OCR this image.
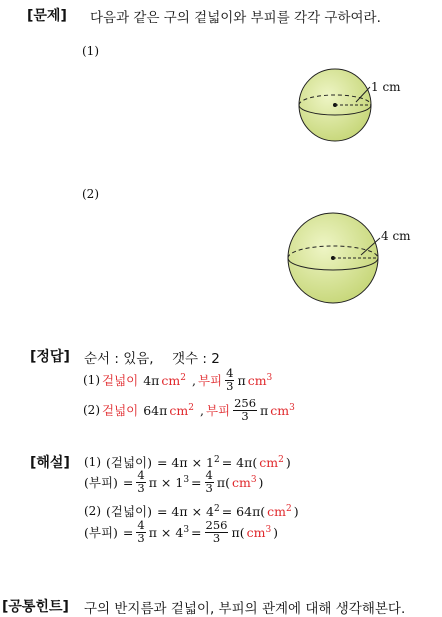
[문제] 다음과 같은 구의 겉넓이와 부피를 각각 구하여라.
(1)
1 cm
(2)
4 cm
[정답] 순서 : 있음, 갯수 : 2
(1) 겉넓이 4π $cm^2$ , 부피 $\frac{4}{3}$ π $cm^3$
(2) 겉넓이 64π $cm^2$ , 부피 $\frac{256}{3}$ π $cm^3$
[해설] (1) (겉넓이) = $4\pi \times 1^2 = 4\pi$( $cm^2$ )
(부피) = $\frac{4}{3}$ $\pi \times 1^3 = \frac{4}{3} \pi$( $cm^3$ )
(2) (겉넓이) = $4\pi \times 4^2 = 64\pi$( $cm^2$ )
(부피) = $\frac{4}{3}$ $\pi \times 4^3 = \frac{256}{3} \pi$( $cm^3$ )
[공통힌트] 구의 반지름과 겉넓이, 부피의 관계에 대해 생각해본다.
